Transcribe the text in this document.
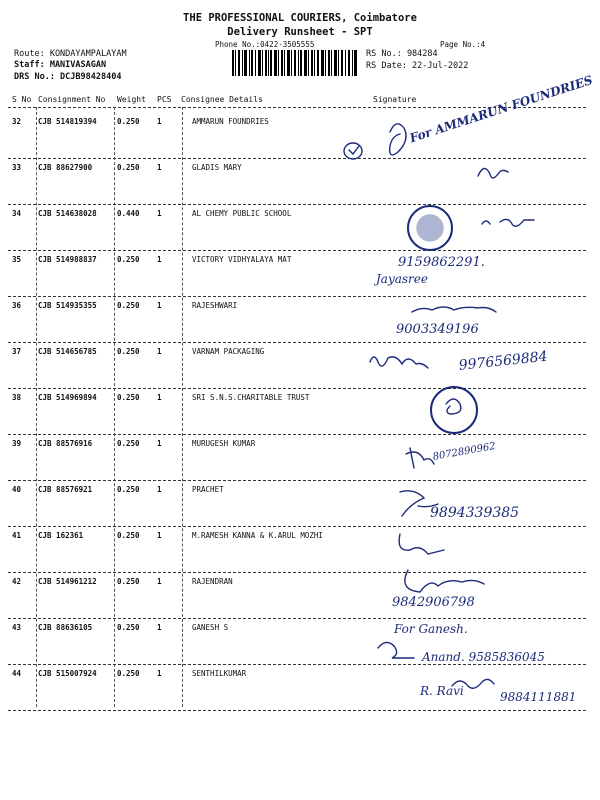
THE PROFESSIONAL COURIERS, Coimbatore
Delivery Runsheet - SPT
Phone No.:0422-3505555	Page No.:4
Route: KONDAYAMPALAYAM
Staff: MANIVASAGAN
DRS No.: DCJB98428404
RS No.: 984284
RS Date: 22-Jul-2022
S No Consignment No Weight PCS Consignee Details	Signature
32 CJB 514819394	0.250 1	AMMARUN FOUNDRIES
33 CJB 88627900	0.250 1	GLADIS MARY
34 CJB 514638028	0.440 1	AL CHEMY PUBLIC SCHOOL
35 CJB 514988837	0.250 1	VICTORY VIDHYALAYA MAT
36 CJB 514935355	0.250 1	RAJESHWARI
37 CJB 514656785	0.250 1	VARNAM PACKAGING
38 CJB 514969894	0.250 1	SRI S.N.S.CHARITABLE TRUST
39 CJB 88576916	0.250 1	MURUGESH KUMAR
40 CJB 88576921	0.250 1	PRACHET
41 CJB 162361	0.250 1	M.RAMESH KANNA & K.ARUL MOZHI
42 CJB 514961212	0.250 1	RAJENDRAN
43 CJB 88636105	0.250 1	GANESH S
44 CJB 515007924	0.250 1	SENTHILKUMAR
For AMMARUN FOUNDRIES
9159862291.
Jayasree
9003349196
9976569884
8072890962
9894339385
9842906798
For Ganesh.
Anand. 9585836045
R. Ravi	9884111881
